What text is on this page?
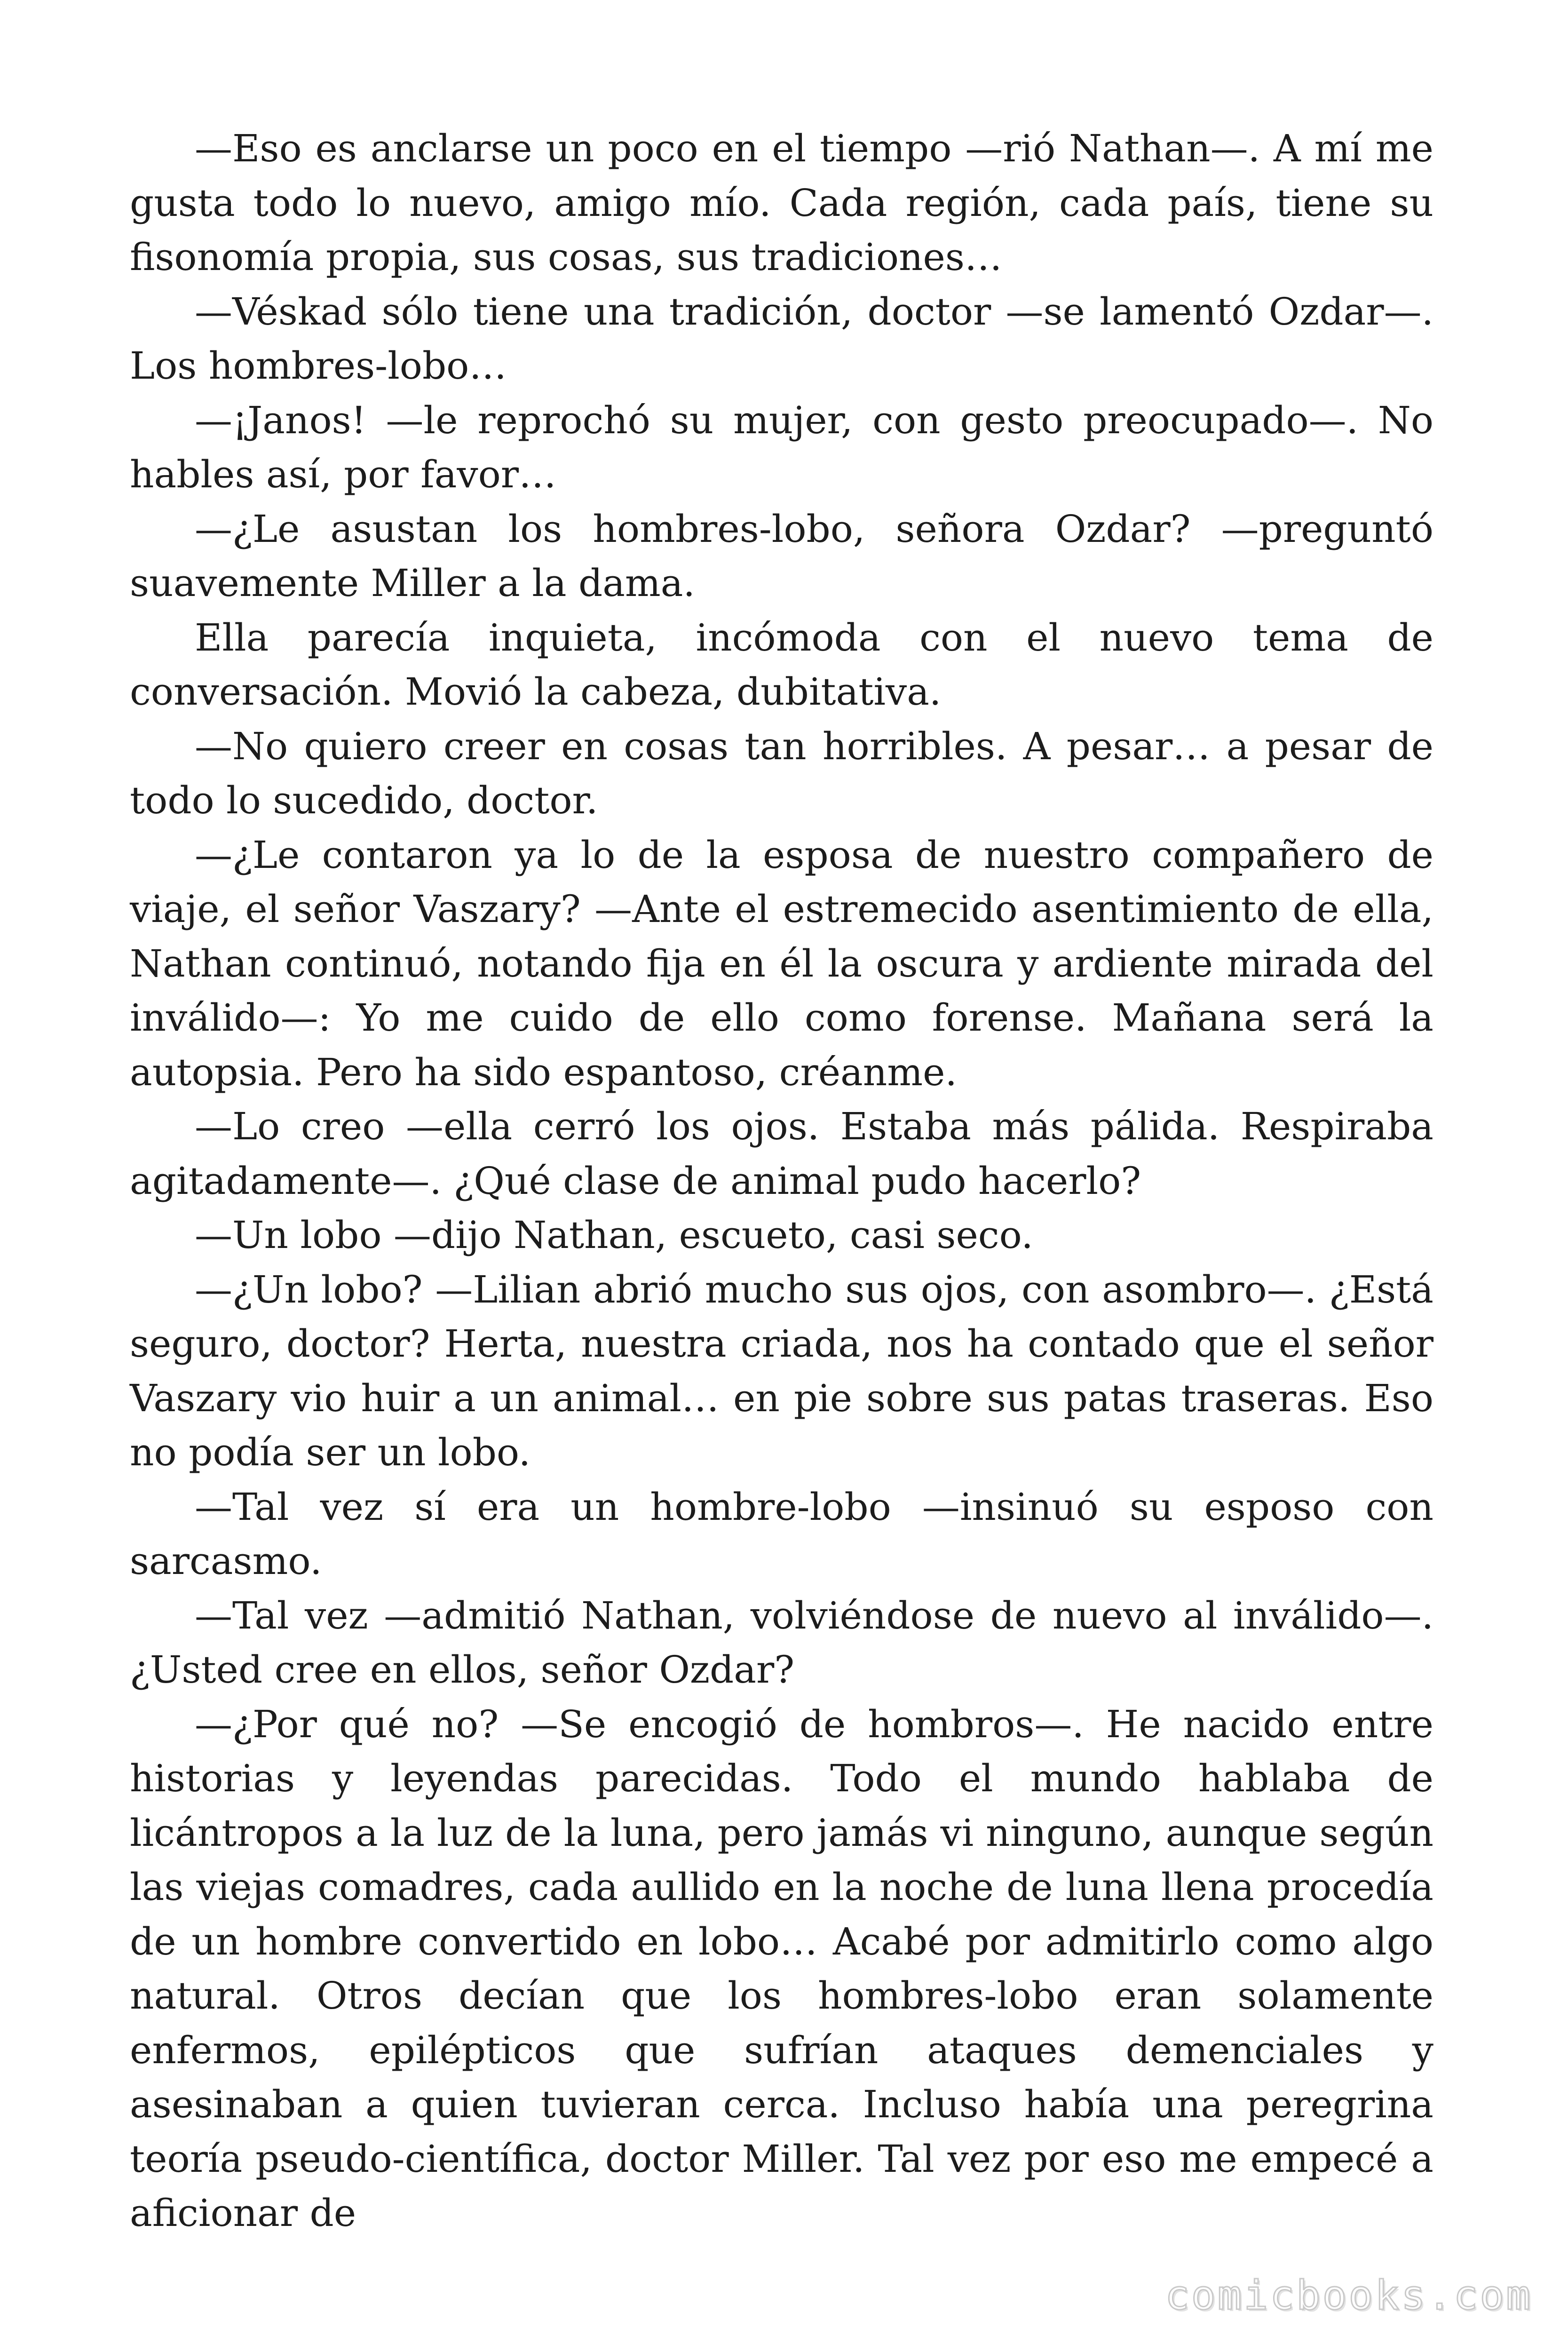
—Eso es anclarse un poco en el tiempo —rió Nathan—. A mí me gusta todo lo nuevo, amigo mío. Cada región, cada país, tiene su fisonomía propia, sus cosas, sus tradiciones…

—Véskad sólo tiene una tradición, doctor —se lamentó Ozdar—. Los hombres-lobo…

—¡Janos! —le reprochó su mujer, con gesto preocupado—. No hables así, por favor…

—¿Le asustan los hombres-lobo, señora Ozdar? —preguntó suavemente Miller a la dama.

Ella parecía inquieta, incómoda con el nuevo tema de conversación. Movió la cabeza, dubitativa.

—No quiero creer en cosas tan horribles. A pesar… a pesar de todo lo sucedido, doctor.

—¿Le contaron ya lo de la esposa de nuestro compañero de viaje, el señor Vaszary? —Ante el estremecido asentimiento de ella, Nathan continuó, notando fija en él la oscura y ardiente mirada del inválido—: Yo me cuido de ello como forense. Mañana será la autopsia. Pero ha sido espantoso, créanme.

—Lo creo —ella cerró los ojos. Estaba más pálida. Respiraba agitadamente—. ¿Qué clase de animal pudo hacerlo?

—Un lobo —dijo Nathan, escueto, casi seco.

—¿Un lobo? —Lilian abrió mucho sus ojos, con asombro—. ¿Está seguro, doctor? Herta, nuestra criada, nos ha contado que el señor Vaszary vio huir a un animal… en pie sobre sus patas traseras. Eso no podía ser un lobo.

—Tal vez sí era un hombre-lobo —insinuó su esposo con sarcasmo.

—Tal vez —admitió Nathan, volviéndose de nuevo al inválido—. ¿Usted cree en ellos, señor Ozdar?

—¿Por qué no? —Se encogió de hombros—. He nacido entre historias y leyendas parecidas. Todo el mundo hablaba de licántropos a la luz de la luna, pero jamás vi ninguno, aunque según las viejas comadres, cada aullido en la noche de luna llena procedía de un hombre convertido en lobo… Acabé por admitirlo como algo natural. Otros decían que los hombres-lobo eran solamente enfermos, epilépticos que sufrían ataques demenciales y asesinaban a quien tuvieran cerca. Incluso había una peregrina teoría pseudo-científica, doctor Miller. Tal vez por eso me empecé a aficionar de

comicbooks.com
